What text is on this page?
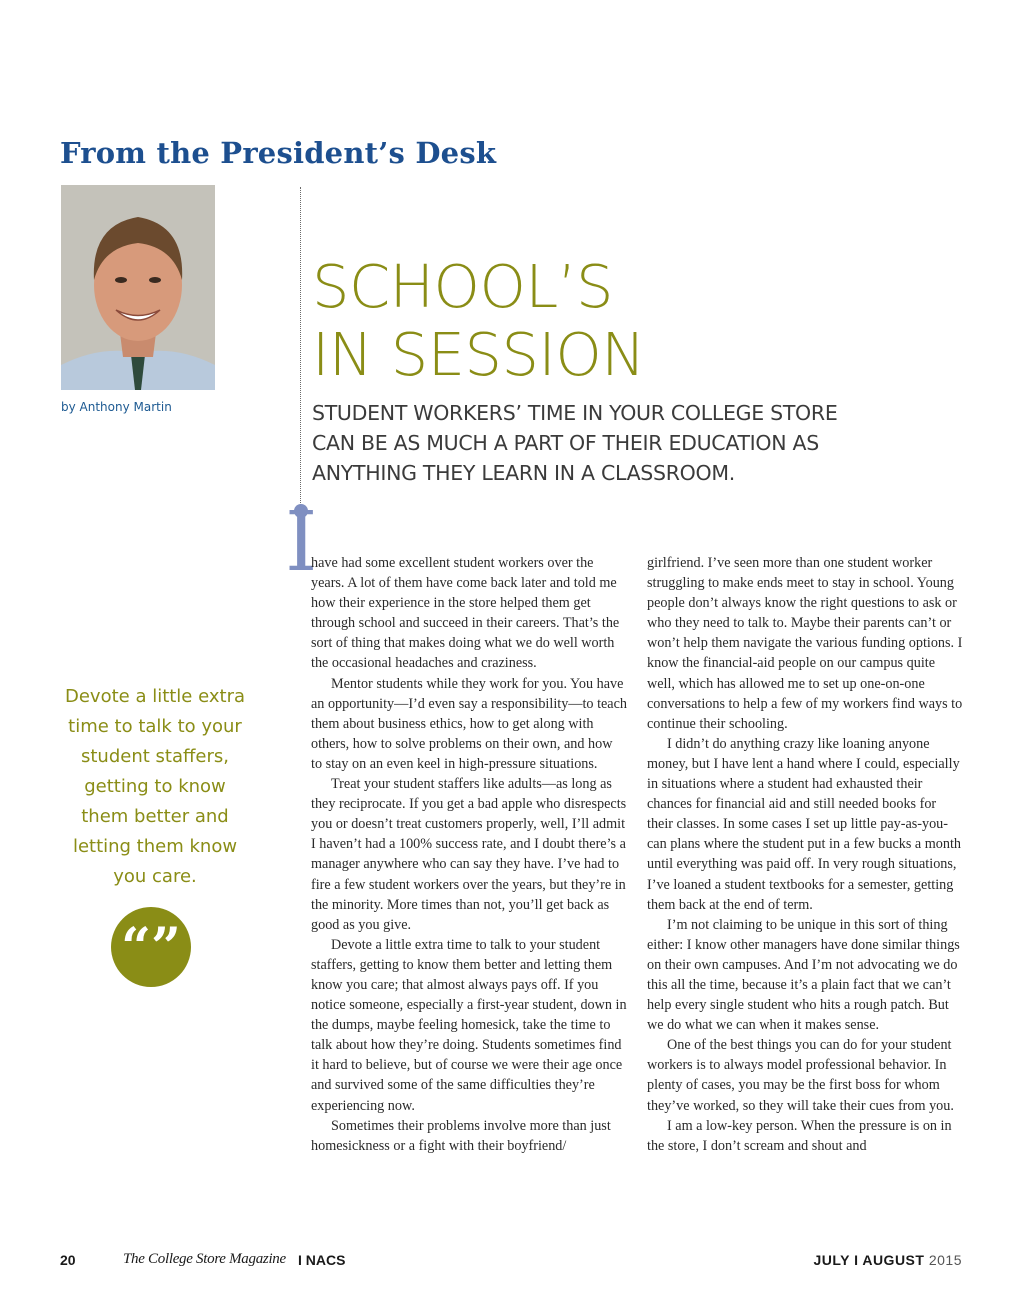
From the President’s Desk
by Anthony Martin
SCHOOL’S
IN SESSION
STUDENT WORKERS’ TIME IN YOUR COLLEGE STORE
CAN BE AS MUCH A PART OF THEIR EDUCATION AS
ANYTHING THEY LEARN IN A CLASSROOM.
Devote a little extra time to talk to your student staffers, getting to know them better and letting them know you care.
“”
I

have had some excellent student workers over the years. A lot of them have come back later and told me how their experience in the store helped them get through school and succeed in their careers. That’s the sort of thing that makes doing what we do well worth the occasional headaches and craziness.

Mentor students while they work for you. You have an opportunity—I’d even say a responsibility—to teach them about business ethics, how to get along with others, how to solve problems on their own, and how to stay on an even keel in high-pressure situations.

Treat your student staffers like adults—as long as they reciprocate. If you get a bad apple who disrespects you or doesn’t treat customers properly, well, I’ll admit I haven’t had a 100% success rate, and I doubt there’s a manager anywhere who can say they have. I’ve had to fire a few student workers over the years, but they’re in the minority. More times than not, you’ll get back as good as you give.

Devote a little extra time to talk to your student staffers, getting to know them better and letting them know you care; that almost always pays off. If you notice someone, especially a first-year student, down in the dumps, maybe feeling homesick, take the time to talk about how they’re doing. Students sometimes find it hard to believe, but of course we were their age once and survived some of the same difficulties they’re experiencing now.

Sometimes their problems involve more than just homesickness or a fight with their boyfriend/

girlfriend. I’ve seen more than one student worker struggling to make ends meet to stay in school. Young people don’t always know the right questions to ask or who they need to talk to. Maybe their parents can’t or won’t help them navigate the various funding options. I know the financial-aid people on our campus quite well, which has allowed me to set up one-on-one conversations to help a few of my workers find ways to continue their schooling.

I didn’t do anything crazy like loaning anyone money, but I have lent a hand where I could, especially in situations where a student had exhausted their chances for financial aid and still needed books for their classes. In some cases I set up little pay-as-you-can plans where the student put in a few bucks a month until everything was paid off. In very rough situations, I’ve loaned a student textbooks for a semester, getting them back at the end of term.

I’m not claiming to be unique in this sort of thing either: I know other managers have done similar things on their own campuses. And I’m not advocating we do this all the time, because it’s a plain fact that we can’t help every single student who hits a rough patch. But we do what we can when it makes sense.

One of the best things you can do for your student workers is to always model professional behavior. In plenty of cases, you may be the first boss for whom they’ve worked, so they will take their cues from you.

I am a low-key person. When the pressure is on in the store, I don’t scream and shout and

20	The College Store Magazine I NACS	JULY I AUGUST 2015
